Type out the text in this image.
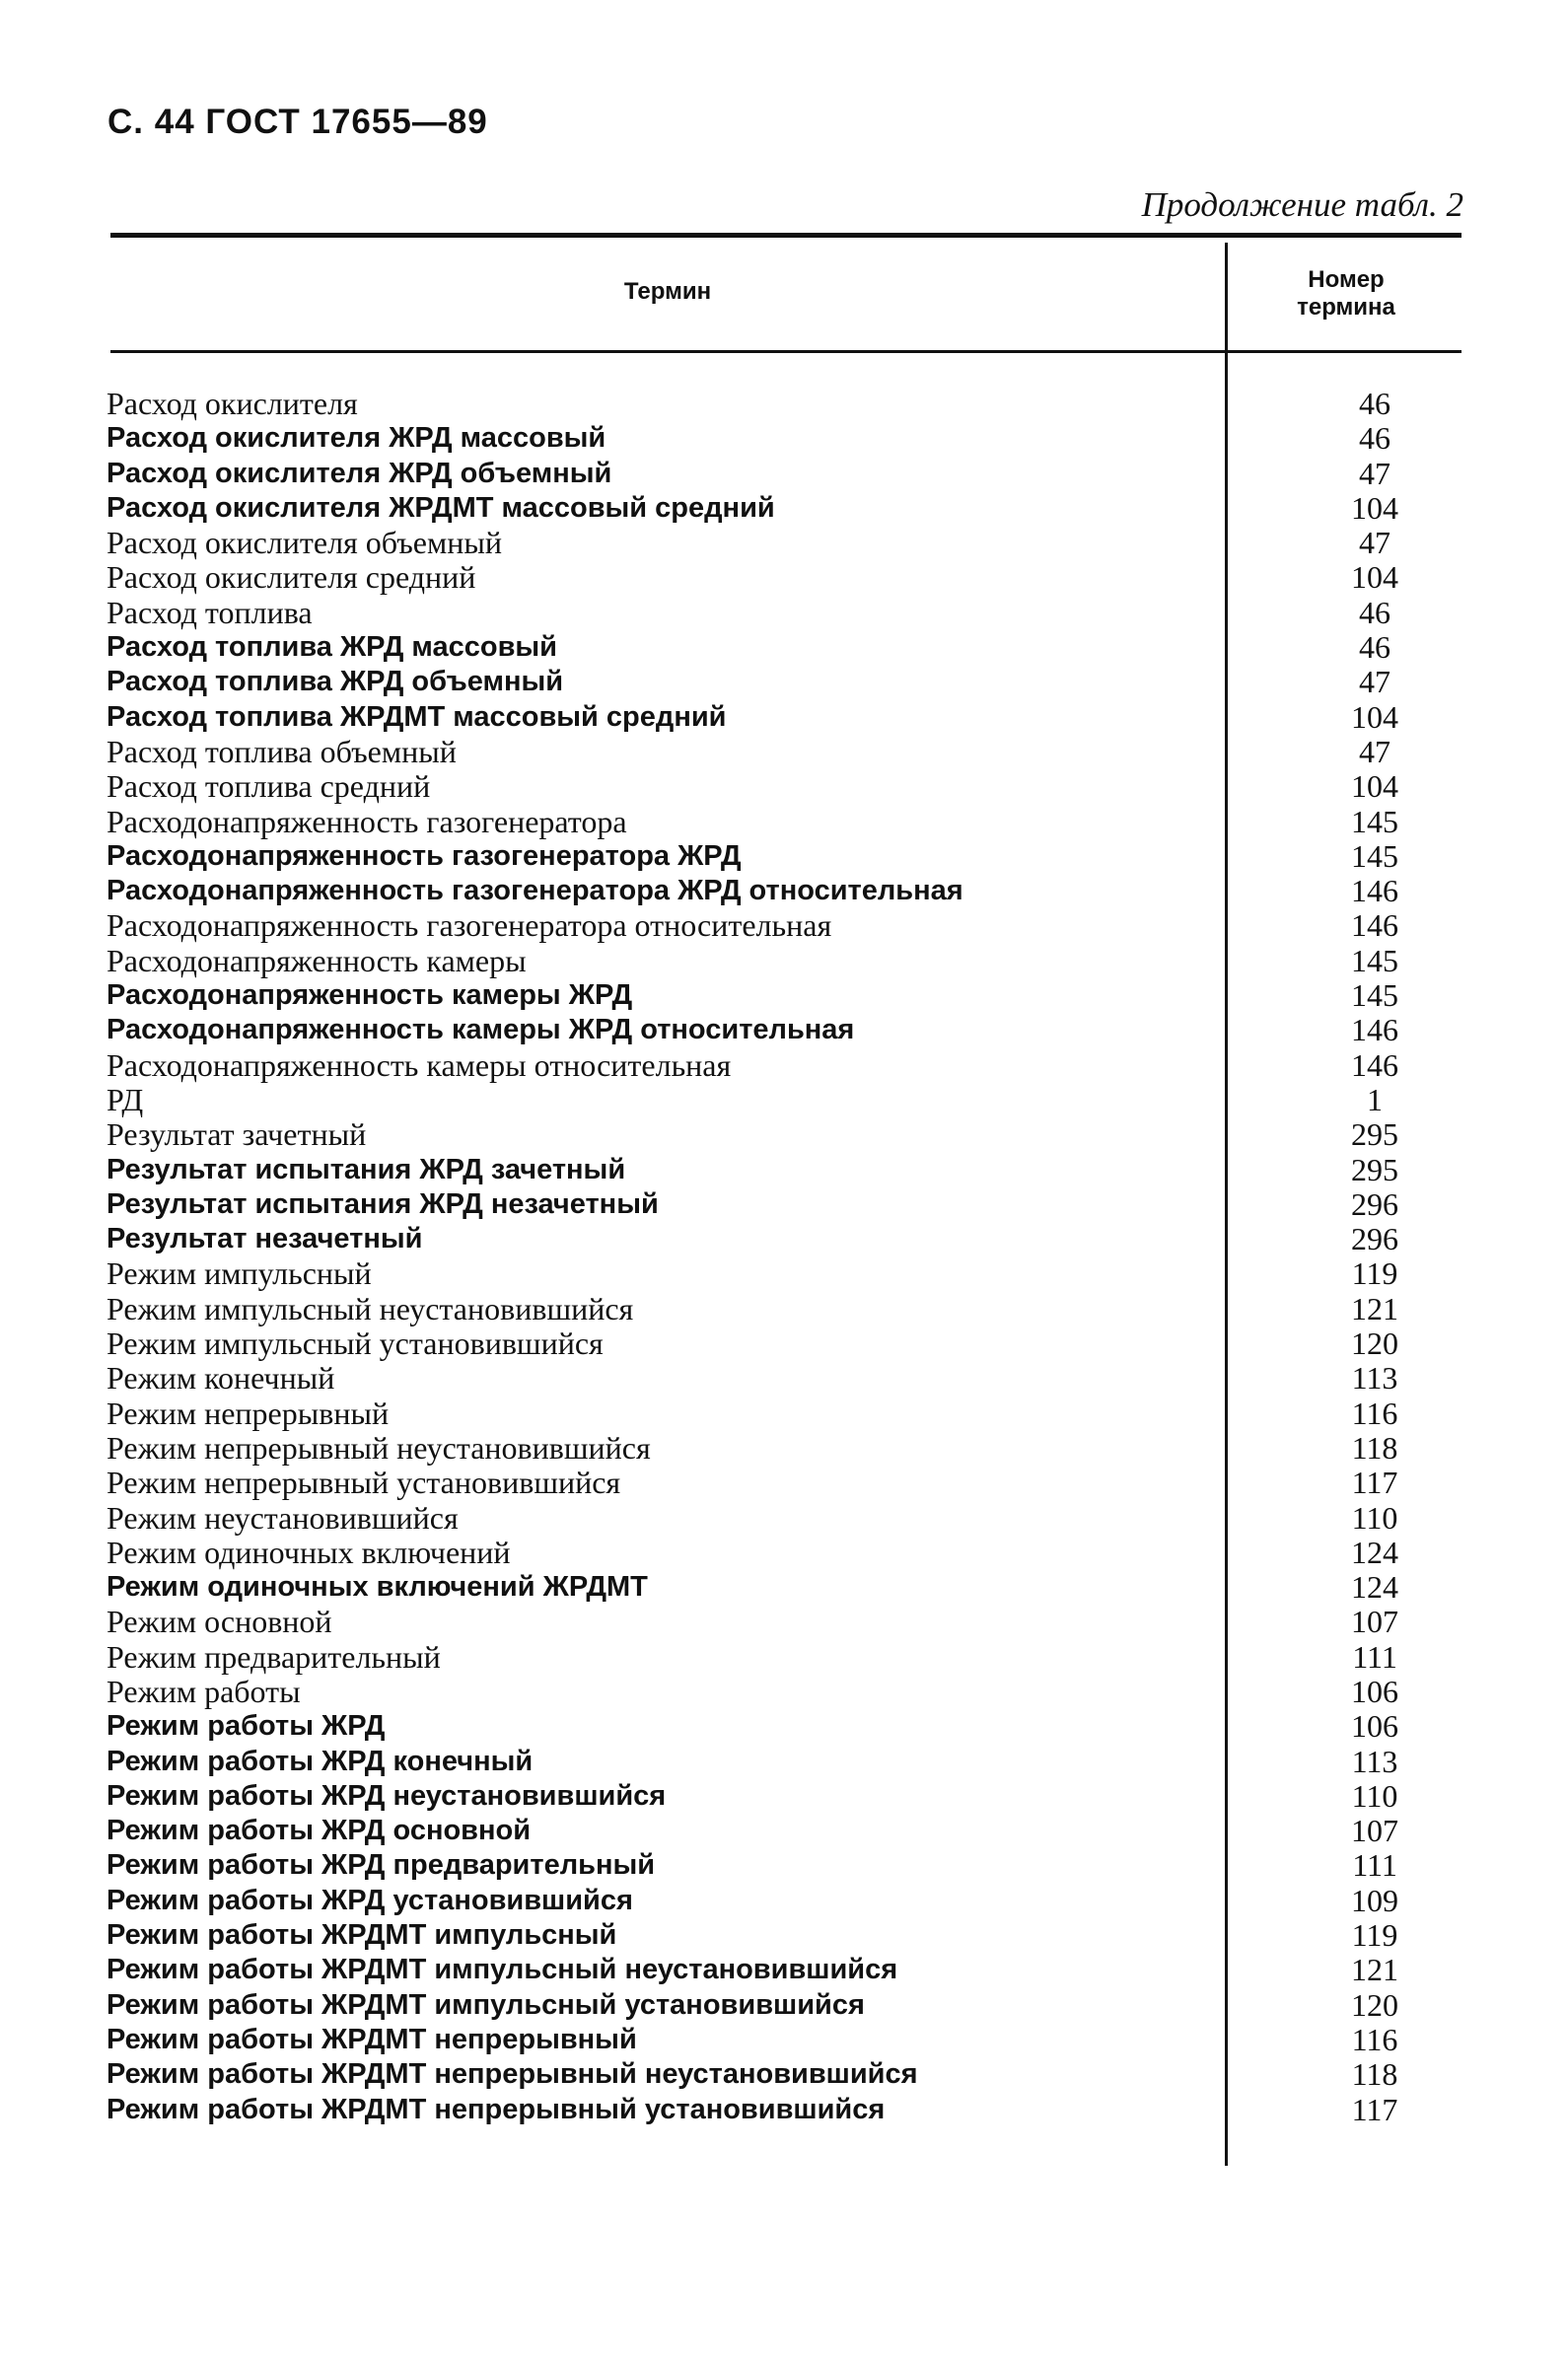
С. 44 ГОСТ 17655—89
Продолжение табл. 2
Термин	Номер
термина
Расход окислителя	46
Расход окислителя ЖРД массовый	46
Расход окислителя ЖРД объемный	47
Расход окислителя ЖРДМТ массовый средний	104
Расход окислителя объемный	47
Расход окислителя средний	104
Расход топлива	46
Расход топлива ЖРД массовый	46
Расход топлива ЖРД объемный	47
Расход топлива ЖРДМТ массовый средний	104
Расход топлива объемный	47
Расход топлива средний	104
Расходонапряженность газогенератора	145
Расходонапряженность газогенератора ЖРД	145
Расходонапряженность газогенератора ЖРД относительная	146
Расходонапряженность газогенератора относительная	146
Расходонапряженность камеры	145
Расходонапряженность камеры ЖРД	145
Расходонапряженность камеры ЖРД относительная	146
Расходонапряженность камеры относительная	146
РД	1
Результат зачетный	295
Результат испытания ЖРД зачетный	295
Результат испытания ЖРД незачетный	296
Результат незачетный	296
Режим импульсный	119
Режим импульсный неустановившийся	121
Режим импульсный установившийся	120
Режим конечный	113
Режим непрерывный	116
Режим непрерывный неустановившийся	118
Режим непрерывный установившийся	117
Режим неустановившийся	110
Режим одиночных включений	124
Режим одиночных включений ЖРДМТ	124
Режим основной	107
Режим предварительный	111
Режим работы	106
Режим работы ЖРД	106
Режим работы ЖРД конечный	113
Режим работы ЖРД неустановившийся	110
Режим работы ЖРД основной	107
Режим работы ЖРД предварительный	111
Режим работы ЖРД установившийся	109
Режим работы ЖРДМТ импульсный	119
Режим работы ЖРДМТ импульсный неустановившийся	121
Режим работы ЖРДМТ импульсный установившийся	120
Режим работы ЖРДМТ непрерывный	116
Режим работы ЖРДМТ непрерывный неустановившийся	118
Режим работы ЖРДМТ непрерывный установившийся	117
